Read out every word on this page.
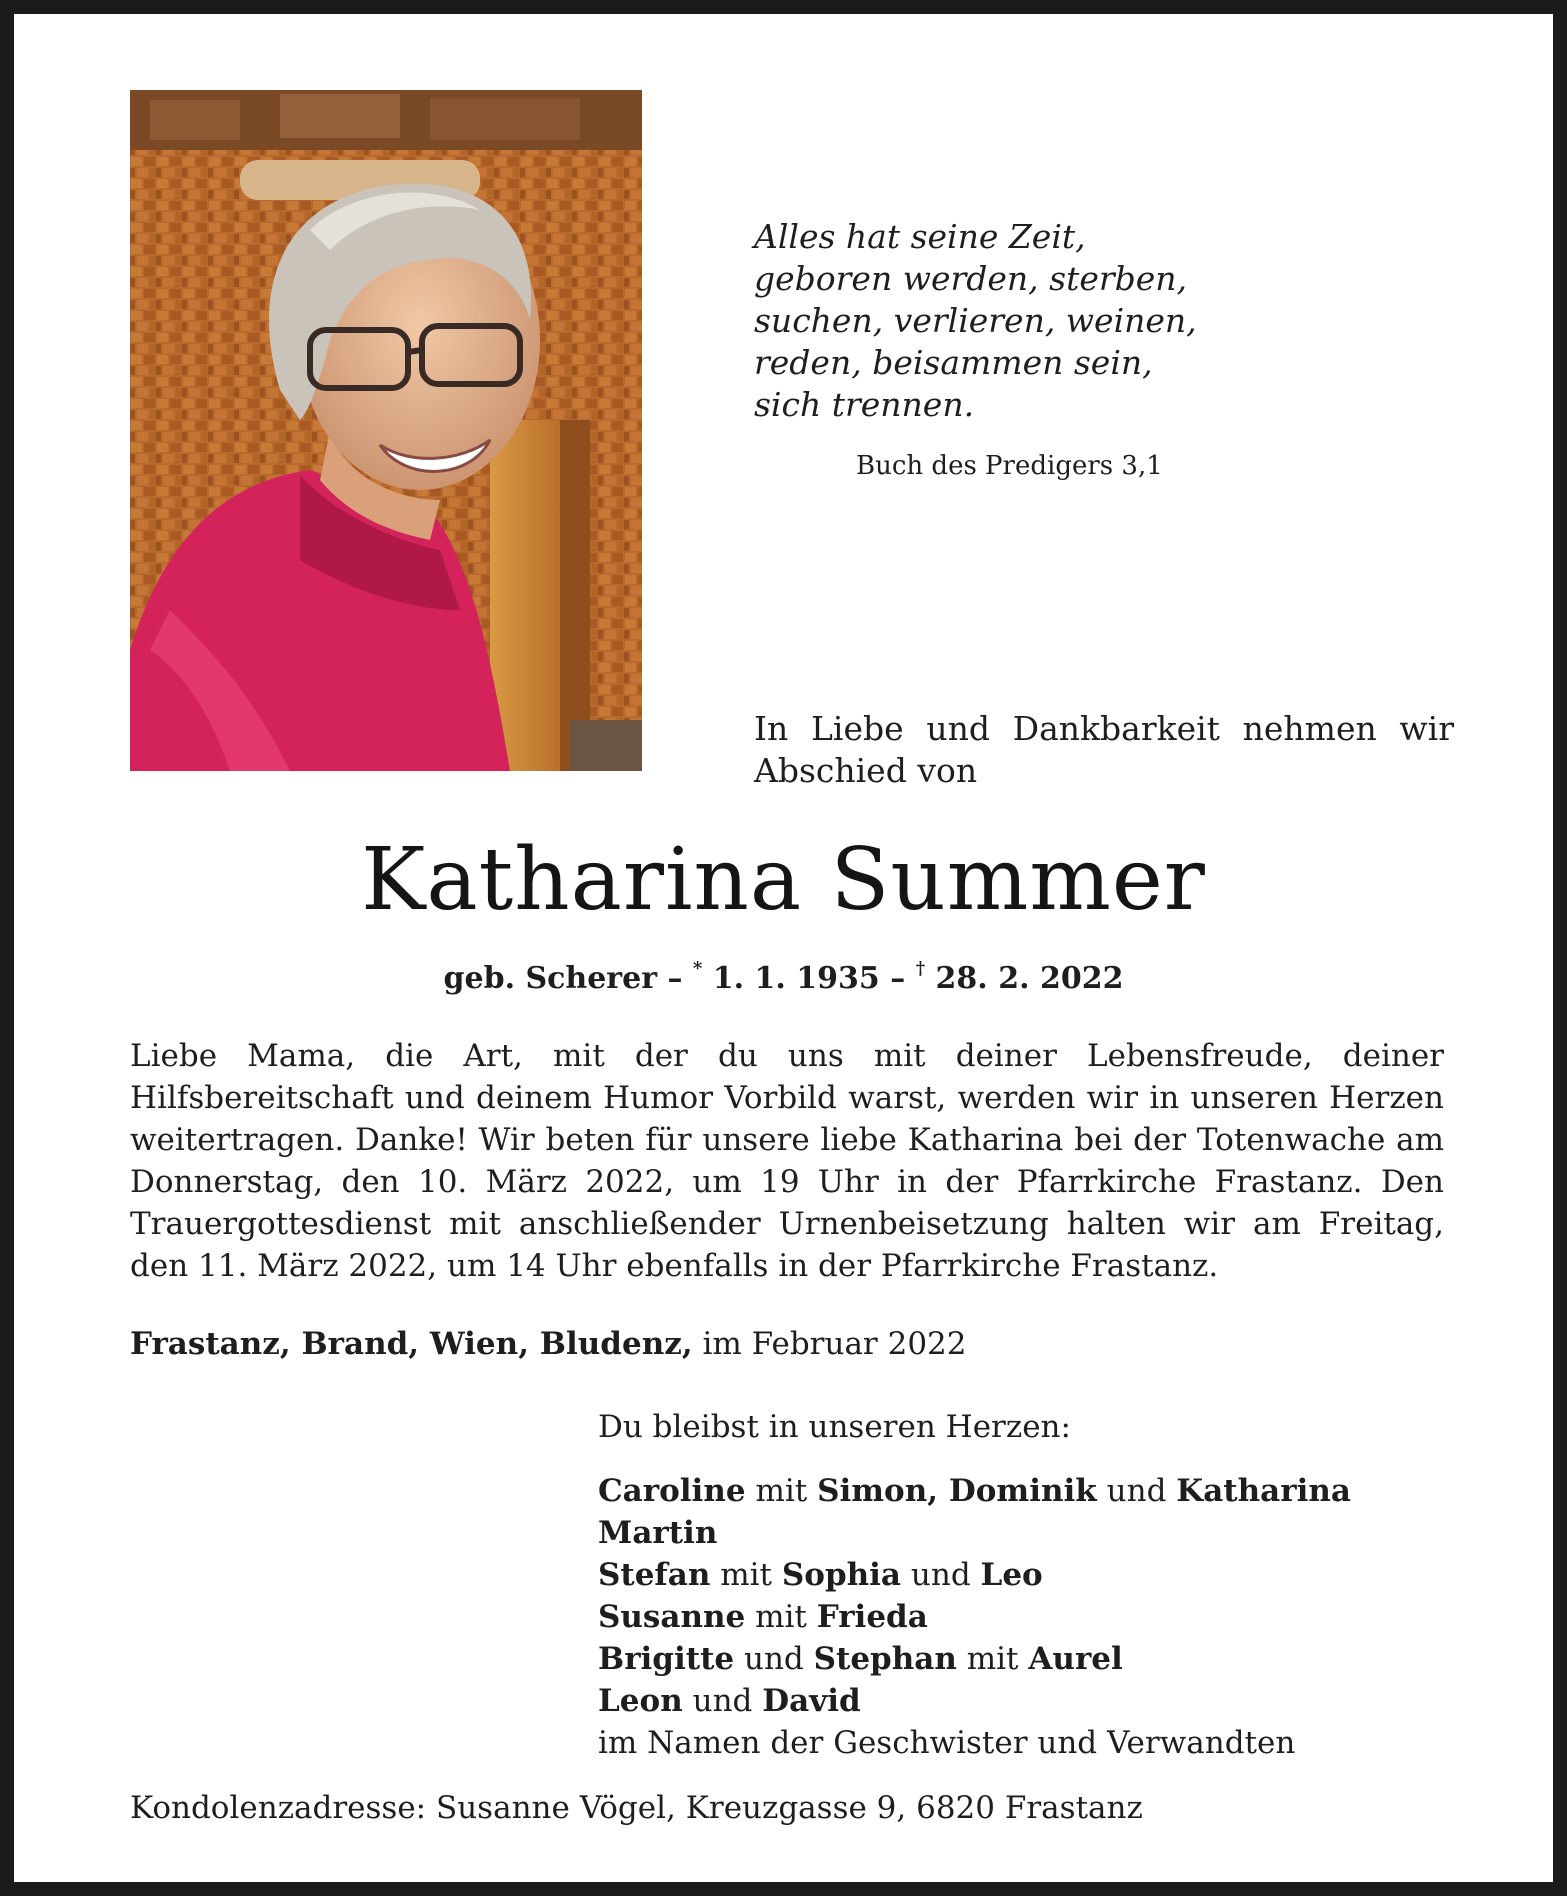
Alles hat seine Zeit,
geboren werden, sterben,
suchen, verlieren, weinen,
reden, beisammen sein,
sich trennen.
Buch des Predigers 3,1
In Liebe und Dankbarkeit nehmen wir Abschied von
Katharina Summer
geb. Scherer – * 1. 1. 1935 – † 28. 2. 2022
Liebe Mama, die Art, mit der du uns mit deiner Lebensfreude, deiner Hilfsbereitschaft und deinem Humor Vorbild warst, werden wir in unseren Herzen weitertragen. Danke! Wir beten für unsere liebe Katharina bei der Totenwache am Donnerstag, den 10. März 2022, um 19 Uhr in der Pfarrkirche Frastanz. Den Trauergottesdienst mit anschließender Urnenbeisetzung halten wir am Freitag, den 11. März 2022, um 14 Uhr ebenfalls in der Pfarrkirche Frastanz.
Frastanz, Brand, Wien, Bludenz, im Februar 2022
Du bleibst in unseren Herzen:
Caroline mit Simon, Dominik und Katharina
Martin
Stefan mit Sophia und Leo
Susanne mit Frieda
Brigitte und Stephan mit Aurel
Leon und David
im Namen der Geschwister und Verwandten
Kondolenzadresse: Susanne Vögel, Kreuzgasse 9, 6820 Frastanz
